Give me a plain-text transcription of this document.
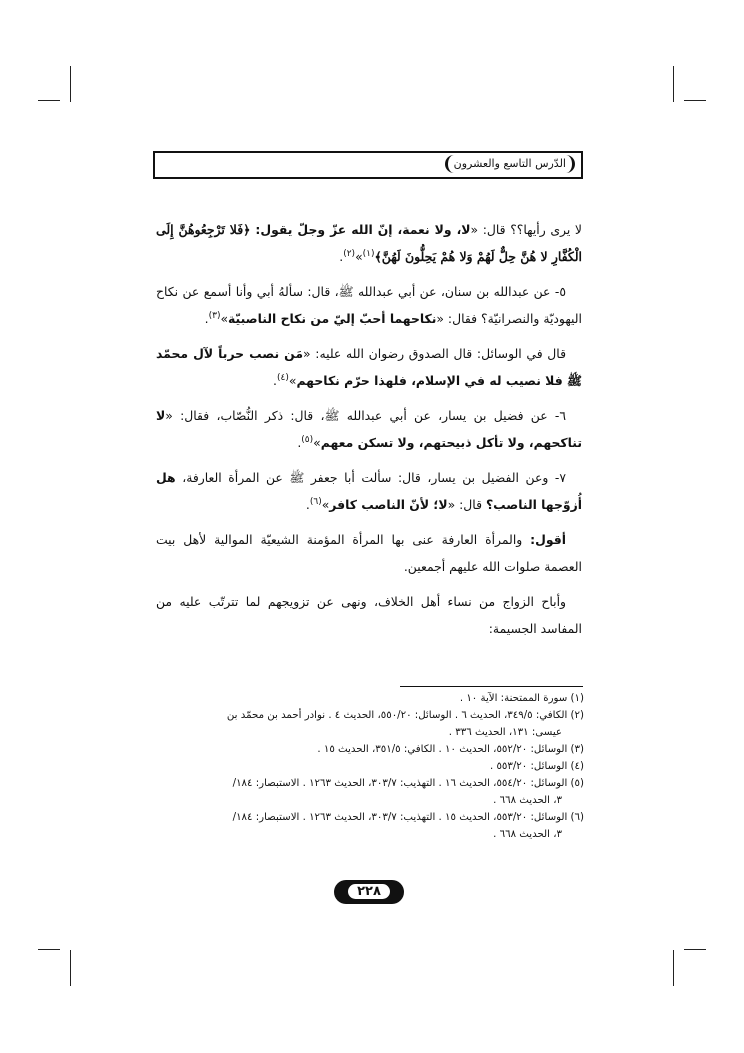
الدّرس التاسع والعشرون

لا يرى رأيها؟؟ قال: «لا، ولا نعمة، إنّ الله عزّ وجلّ يقول: ﴿فَلا تَرْجِعُوهُنَّ إِلَى الْكُفَّارِ لا هُنَّ حِلٌّ لَهُمْ وَلا هُمْ يَحِلُّونَ لَهُنَّ﴾$^{(١)}$»$^{(٢)}$.

٥- عن عبدالله بن سنان، عن أبي عبدالله ﷺ، قال: سألهُ أبي وأنا أسمع عن نكاح اليهوديّة والنصرانيّة؟ فقال: «نكاحهما أحبّ إليّ من نكاح الناصبيّة»$^{(٣)}$.

قال في الوسائل: قال الصدوق رضوان الله عليه: «مَن نصب حرباً لآل محمّد ﷺ فلا نصيب له في الإسلام، فلهذا حرّم نكاحهم»$^{(٤)}$.

٦- عن فضيل بن يسار، عن أبي عبدالله ﷺ، قال: ذكر النُّصّاب، فقال: «لا تناكحهم، ولا تأكل ذبيحتهم، ولا تسكن معهم»$^{(٥)}$.

٧- وعن الفضيل بن يسار، قال: سألت أبا جعفر ﷺ عن المرأة العارفة، هل أُزوّجها الناصب؟ قال: «لا؛ لأنّ الناصب كافر»$^{(٦)}$.

أقول: والمرأة العارفة عنى بها المرأة المؤمنة الشيعيّة الموالية لأهل بيت العصمة صلوات الله عليهم أجمعين.

وأباح الزواج من نساء أهل الخلاف، ونهى عن تزويجهم لما تترتّب عليه من المفاسد الجسيمة:

(١) سورة الممتحنة: الآية ١٠ .
(٢) الكافي: ٣٤٩/٥، الحديث ٦ . الوسائل: ٥٥٠/٢٠، الحديث ٤ . نوادر أحمد بن محمّد بن
عيسى: ١٣١، الحديث ٣٣٦ .
(٣) الوسائل: ٥٥٢/٢٠، الحديث ١٠ . الكافي: ٣٥١/٥، الحديث ١٥ .
(٤) الوسائل: ٥٥٣/٢٠ .
(٥) الوسائل: ٥٥٤/٢٠، الحديث ١٦ . التهذيب: ٣٠٣/٧، الحديث ١٢٦٣ . الاستبصار: ١٨٤/
٣، الحديث ٦٦٨ .
(٦) الوسائل: ٥٥٣/٢٠، الحديث ١٥ . التهذيب: ٣٠٣/٧، الحديث ١٢٦٣ . الاستبصار: ١٨٤/
٣، الحديث ٦٦٨ .
٢٢٨
